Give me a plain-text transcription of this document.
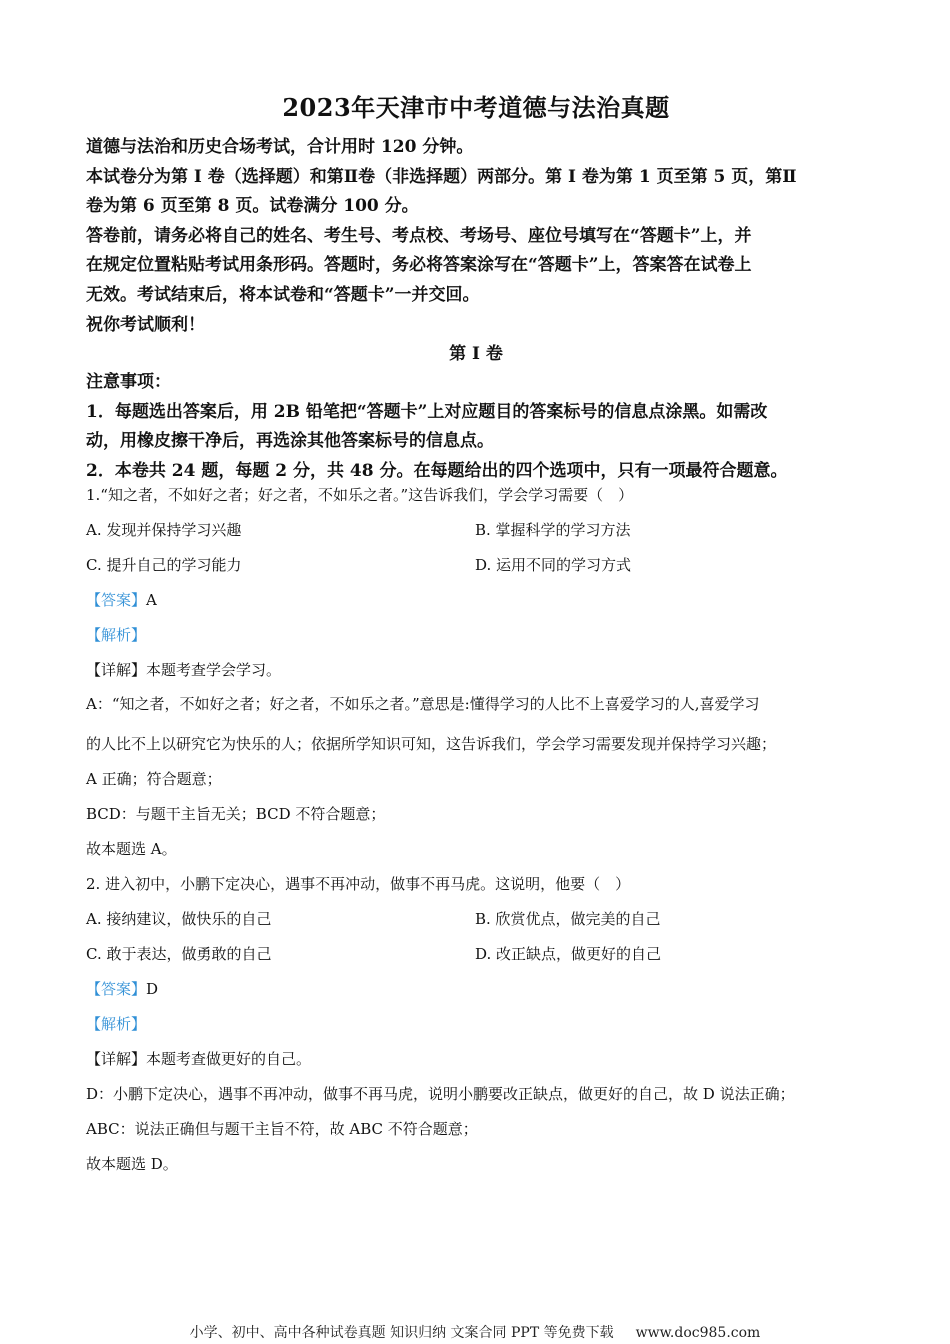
2023年天津市中考道德与法治真题

道德与法治和历史合场考试，合计用时 120 分钟。

本试卷分为第 I 卷（选择题）和第Ⅱ卷（非选择题）两部分。第 I 卷为第 1 页至第 5 页，第Ⅱ

卷为第 6 页至第 8 页。试卷满分 100 分。

答卷前，请务必将自己的姓名、考生号、考点校、考场号、座位号填写在“答题卡”上，并

在规定位置粘贴考试用条形码。答题时，务必将答案涂写在“答题卡”上，答案答在试卷上

无效。考试结束后，将本试卷和“答题卡”一并交回。

祝你考试顺利！

第 I 卷

注意事项：

1．每题选出答案后，用 2B 铅笔把“答题卡”上对应题目的答案标号的信息点涂黑。如需改

动，用橡皮擦干净后，再选涂其他答案标号的信息点。

2．本卷共 24 题，每题 2 分，共 48 分。在每题给出的四个选项中，只有一项最符合题意。

1.“知之者，不如好之者；好之者，不如乐之者。”这告诉我们，学会学习需要（　）
A. 发现并保持学习兴趣	B. 掌握科学的学习方法
C. 提升自己的学习能力	D. 运用不同的学习方式
【答案】A
【解析】
【详解】本题考查学会学习。
A：“知之者，不如好之者；好之者，不如乐之者。”意思是:懂得学习的人比不上喜爱学习的人,喜爱学习
的人比不上以研究它为快乐的人；依据所学知识可知，这告诉我们，学会学习需要发现并保持学习兴趣；
A 正确；符合题意；
BCD：与题干主旨无关；BCD 不符合题意；
故本题选 A。
2. 进入初中，小鹏下定决心，遇事不再冲动，做事不再马虎。这说明，他要（　）
A. 接纳建议，做快乐的自己	B. 欣赏优点，做完美的自己
C. 敢于表达，做勇敢的自己	D. 改正缺点，做更好的自己
【答案】D
【解析】
【详解】本题考查做更好的自己。
D：小鹏下定决心，遇事不再冲动，做事不再马虎，说明小鹏要改正缺点，做更好的自己，故 D 说法正确；
ABC：说法正确但与题干主旨不符，故 ABC 不符合题意；
故本题选 D。
小学、初中、高中各种试卷真题 知识归纳 文案合同 PPT 等免费下载 www.doc985.com
